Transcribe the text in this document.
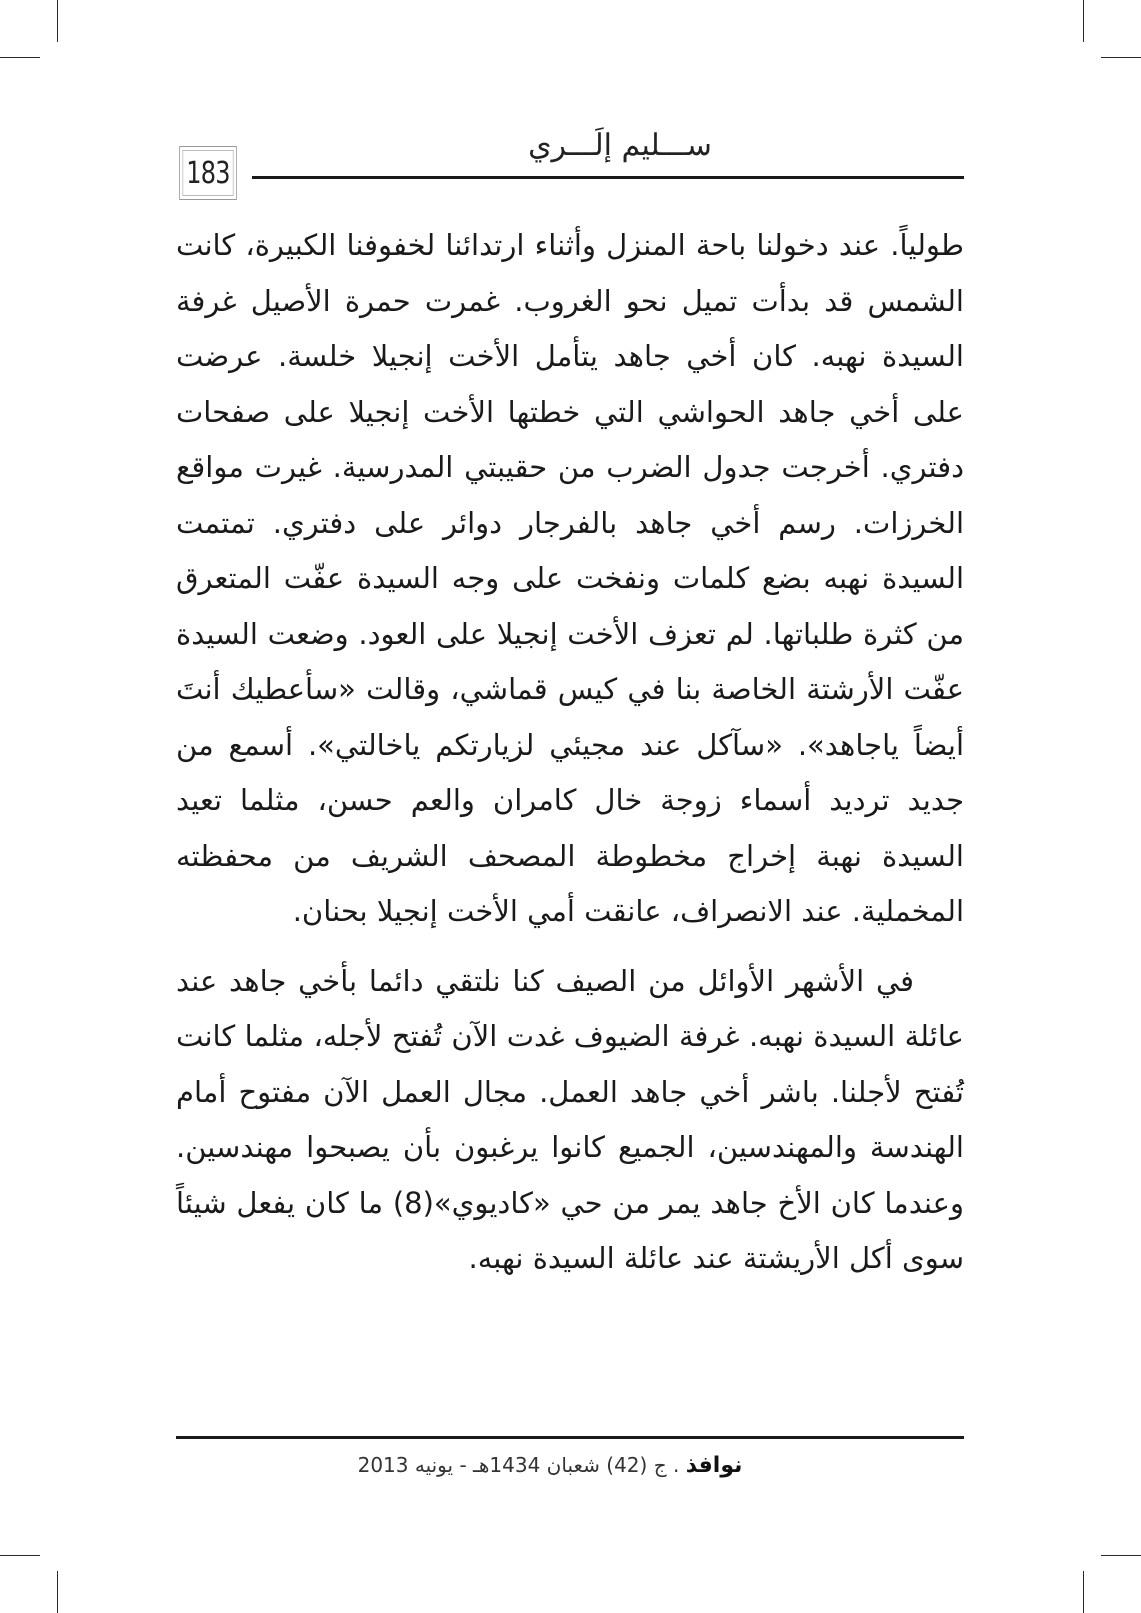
ســـليم إلَـــري
183

طولياً. عند دخولنا باحة المنزل وأثناء ارتدائنا لخفوفنا الكبيرة، كانت الشمس قد بدأت تميل نحو الغروب. غمرت حمرة الأصيل غرفة السيدة نهبه. كان أخي جاهد يتأمل الأخت إنجيلا خلسة. عرضت على أخي جاهد الحواشي التي خطتها الأخت إنجيلا على صفحات دفتري. أخرجت جدول الضرب من حقيبتي المدرسية. غيرت مواقع الخرزات. رسم أخي جاهد بالفرجار دوائر على دفتري. تمتمت السيدة نهبه بضع كلمات ونفخت على وجه السيدة عفّت المتعرق من كثرة طلباتها. لم تعزف الأخت إنجيلا على العود. وضعت السيدة عفّت الأرشتة الخاصة بنا في كيس قماشي، وقالت «سأعطيك أنتَ أيضاً ياجاهد». «سآكل عند مجيئي لزيارتكم ياخالتي». أسمع من جديد ترديد أسماء زوجة خال كامران والعم حسن، مثلما تعيد السيدة نهبة إخراج مخطوطة المصحف الشريف من محفظته المخملية. عند الانصراف، عانقت أمي الأخت إنجيلا بحنان.

في الأشهر الأوائل من الصيف كنا نلتقي دائما بأخي جاهد عند عائلة السيدة نهبه. غرفة الضيوف غدت الآن تُفتح لأجله، مثلما كانت تُفتح لأجلنا. باشر أخي جاهد العمل. مجال العمل الآن مفتوح أمام الهندسة والمهندسين، الجميع كانوا يرغبون بأن يصبحوا مهندسين. وعندما كان الأخ جاهد يمر من حي «كاديوي»(8) ما كان يفعل شيئاً سوى أكل الأريشتة عند عائلة السيدة نهبه.

نوافذ . ج (42) شعبان 1434هـ - يونيه 2013
